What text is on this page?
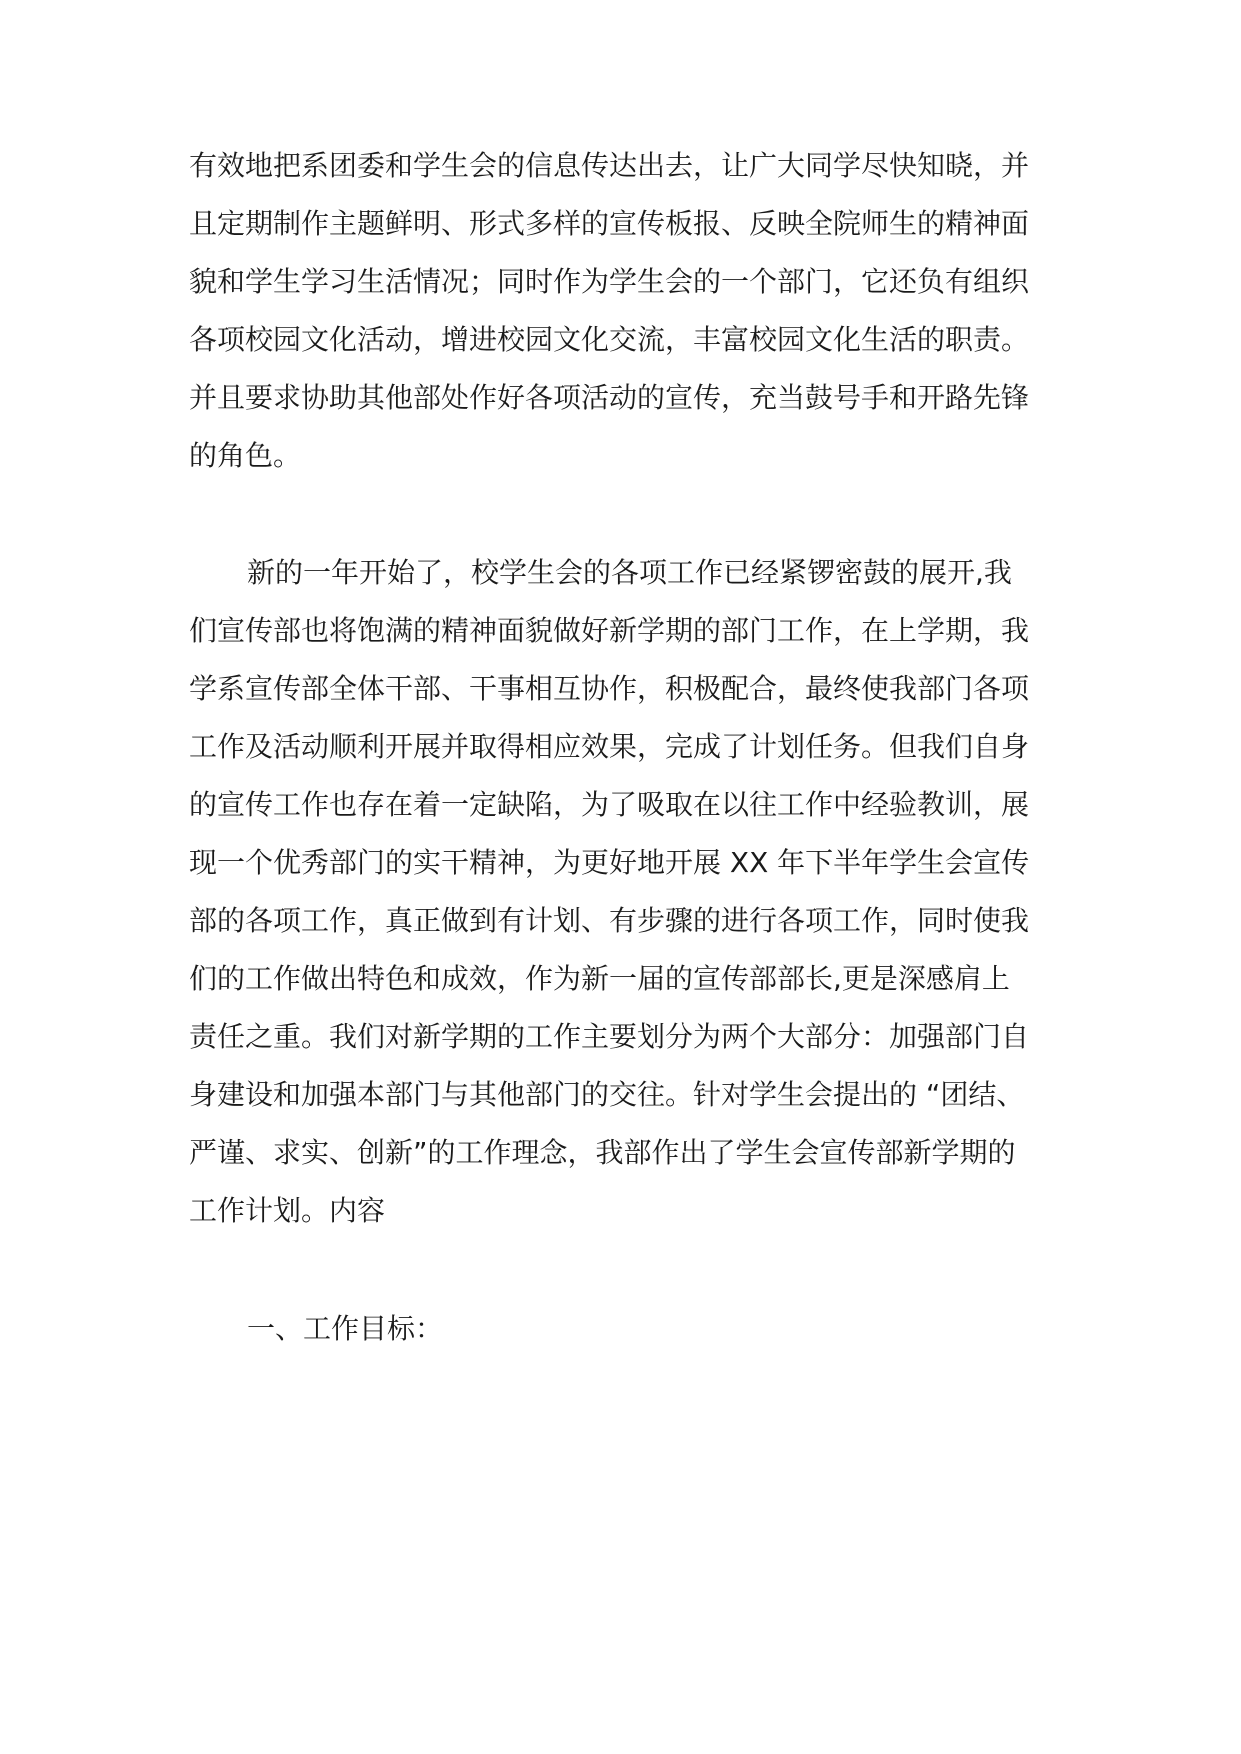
有效地把系团委和学生会的信息传达出去，让广大同学尽快知晓，并
且定期制作主题鲜明、形式多样的宣传板报、反映全院师生的精神面
貌和学生学习生活情况；同时作为学生会的一个部门，它还负有组织
各项校园文化活动，增进校园文化交流，丰富校园文化生活的职责。
并且要求协助其他部处作好各项活动的宣传，充当鼓号手和开路先锋
的角色。
新的一年开始了，校学生会的各项工作已经紧锣密鼓的展开,我
们宣传部也将饱满的精神面貌做好新学期的部门工作，在上学期，我
学系宣传部全体干部、干事相互协作，积极配合，最终使我部门各项
工作及活动顺利开展并取得相应效果，完成了计划任务。但我们自身
的宣传工作也存在着一定缺陷，为了吸取在以往工作中经验教训，展
现一个优秀部门的实干精神，为更好地开展 XX 年下半年学生会宣传
部的各项工作，真正做到有计划、有步骤的进行各项工作，同时使我
们的工作做出特色和成效，作为新一届的宣传部部长,更是深感肩上
责任之重。我们对新学期的工作主要划分为两个大部分：加强部门自
身建设和加强本部门与其他部门的交往。针对学生会提出的 “团结、
严谨、求实、创新”的工作理念，我部作出了学生会宣传部新学期的
工作计划。内容
一、工作目标：
